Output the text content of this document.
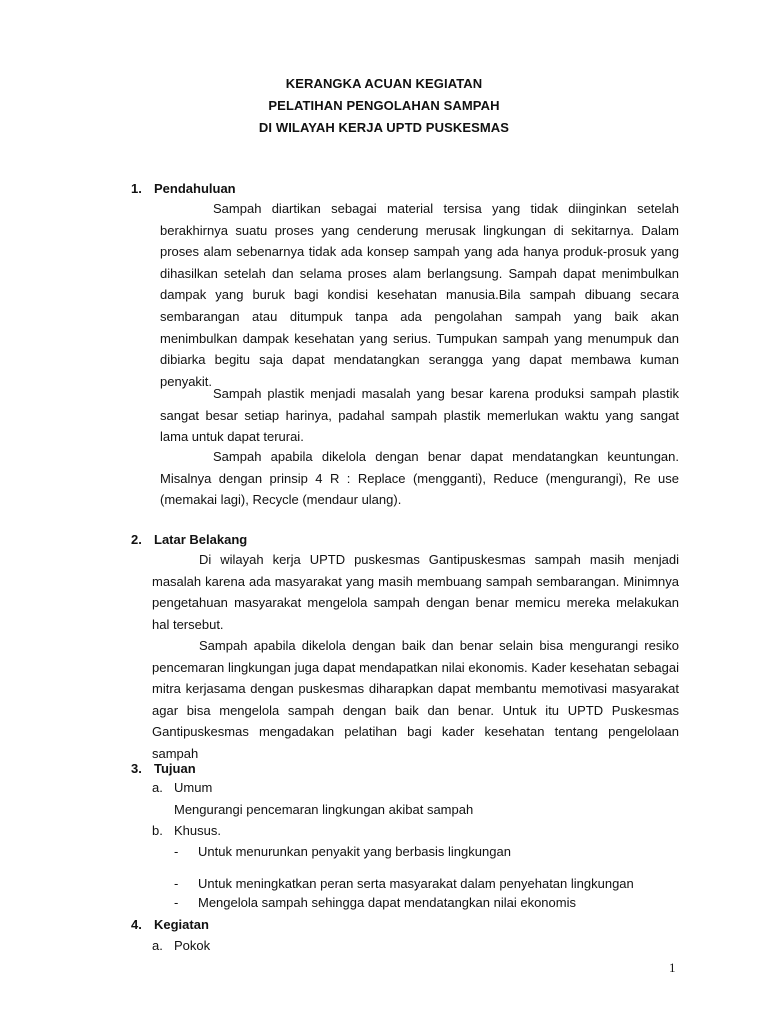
KERANGKA ACUAN KEGIATAN
PELATIHAN PENGOLAHAN SAMPAH
DI WILAYAH KERJA UPTD PUSKESMAS
1. Pendahuluan

Sampah diartikan sebagai material tersisa yang tidak diinginkan setelah berakhirnya suatu proses yang cenderung merusak lingkungan di sekitarnya. Dalam proses alam sebenarnya tidak ada konsep sampah yang ada hanya produk-prosuk yang dihasilkan setelah dan selama proses alam berlangsung. Sampah dapat menimbulkan dampak yang buruk bagi kondisi kesehatan manusia.Bila sampah dibuang secara sembarangan atau ditumpuk tanpa ada pengolahan sampah yang baik akan menimbulkan dampak kesehatan yang serius. Tumpukan sampah yang menumpuk dan dibiarka begitu saja dapat mendatangkan serangga yang dapat membawa kuman penyakit.

Sampah plastik menjadi masalah yang besar karena produksi sampah plastik sangat besar setiap harinya, padahal sampah plastik memerlukan waktu yang sangat lama untuk dapat terurai.

Sampah apabila dikelola dengan benar dapat mendatangkan keuntungan. Misalnya dengan prinsip 4 R : Replace (mengganti), Reduce (mengurangi), Re use (memakai lagi), Recycle (mendaur ulang).

2. Latar Belakang

Di wilayah kerja UPTD puskesmas Gantipuskesmas sampah masih menjadi masalah karena ada masyarakat yang masih membuang sampah sembarangan. Minimnya pengetahuan masyarakat mengelola sampah dengan benar memicu mereka melakukan hal tersebut.

Sampah apabila dikelola dengan baik dan benar selain bisa mengurangi resiko pencemaran lingkungan juga dapat mendapatkan nilai ekonomis. Kader kesehatan sebagai mitra kerjasama dengan puskesmas diharapkan dapat membantu memotivasi masyarakat agar bisa mengelola sampah dengan baik dan benar. Untuk itu UPTD Puskesmas Gantipuskesmas mengadakan pelatihan bagi kader kesehatan tentang pengelolaan sampah

3. Tujuan
a. Umum
Mengurangi pencemaran lingkungan akibat sampah
b. Khusus.
- Untuk menurunkan penyakit yang berbasis lingkungan
- Untuk meningkatkan peran serta masyarakat dalam penyehatan lingkungan
- Mengelola sampah sehingga dapat mendatangkan nilai ekonomis
4. Kegiatan
a. Pokok
1
